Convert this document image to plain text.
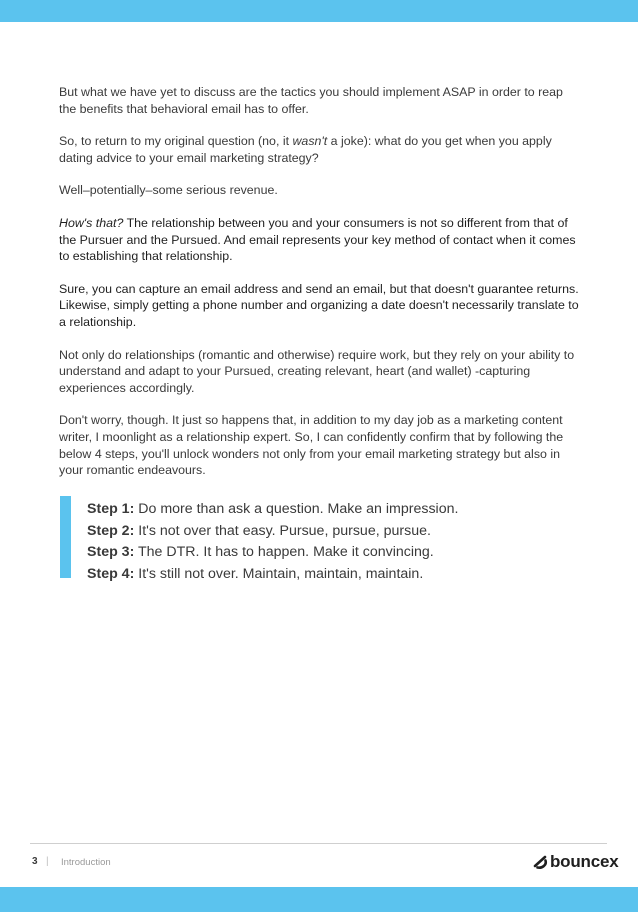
But what we have yet to discuss are the tactics you should implement ASAP in order to reap the benefits that behavioral email has to offer.

So, to return to my original question (no, it wasn't a joke): what do you get when you apply dating advice to your email marketing strategy?

Well–potentially–some serious revenue.

How's that? The relationship between you and your consumers is not so different from that of the Pursuer and the Pursued. And email represents your key method of contact when it comes to establishing that relationship.

Sure, you can capture an email address and send an email, but that doesn't guarantee returns. Likewise, simply getting a phone number and organizing a date doesn't necessarily translate to a relationship.

Not only do relationships (romantic and otherwise) require work, but they rely on your ability to understand and adapt to your Pursued, creating relevant, heart (and wallet) -capturing experiences accordingly.

Don't worry, though. It just so happens that, in addition to my day job as a marketing content writer, I moonlight as a relationship expert. So, I can confidently confirm that by following the below 4 steps, you'll unlock wonders not only from your email marketing strategy but also in your romantic endeavours.

Step 1: Do more than ask a question. Make an impression.
Step 2: It's not over that easy. Pursue, pursue, pursue.
Step 3: The DTR. It has to happen. Make it convincing.
Step 4: It's still not over. Maintain, maintain, maintain.
3 | Introduction	bouncex
